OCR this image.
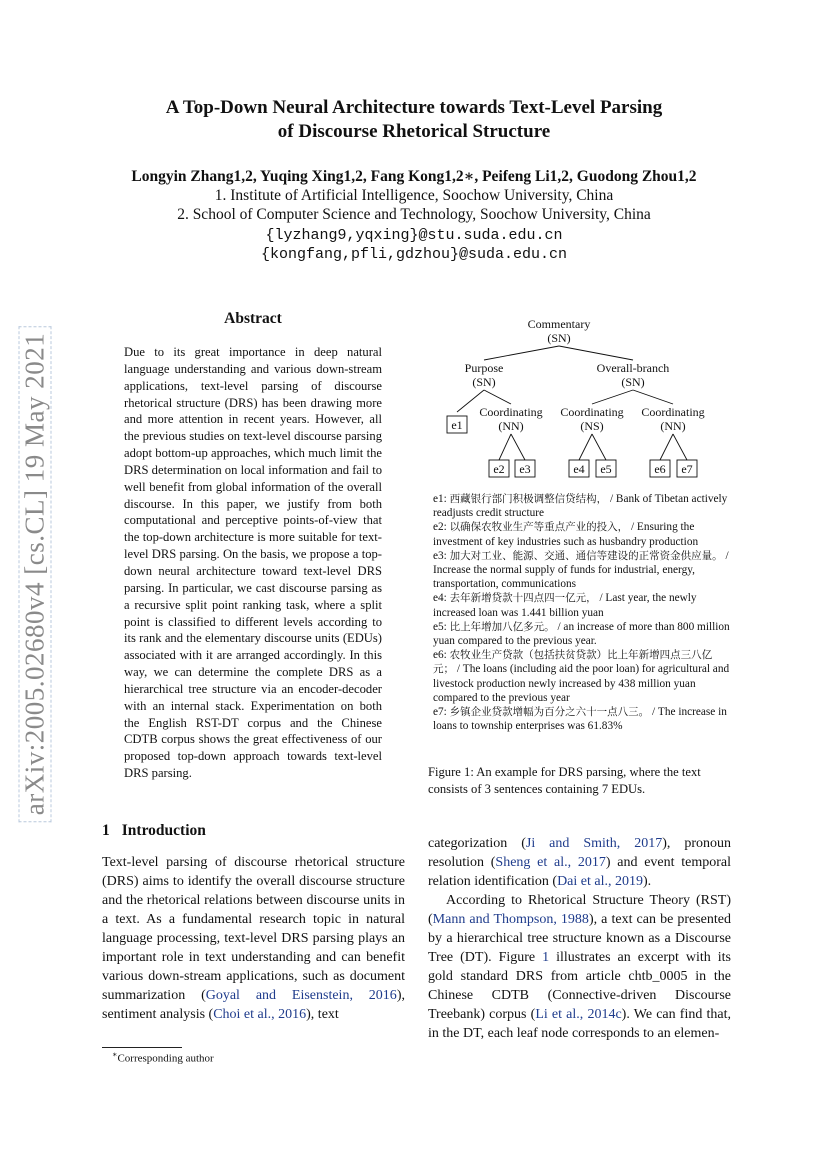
A Top-Down Neural Architecture towards Text-Level Parsing
of Discourse Rhetorical Structure
Longyin Zhang1,2, Yuqing Xing1,2, Fang Kong1,2∗, Peifeng Li1,2, Guodong Zhou1,2
1. Institute of Artificial Intelligence, Soochow University, China
2. School of Computer Science and Technology, Soochow University, China
{lyzhang9,yqxing}@stu.suda.edu.cn
{kongfang,pfli,gdzhou}@suda.edu.cn
arXiv:2005.02680v4 [cs.CL] 19 May 2021
Abstract
Due to its great importance in deep natural language understanding and various down-stream applications, text-level parsing of discourse rhetorical structure (DRS) has been drawing more and more attention in recent years. However, all the previous studies on text-level discourse parsing adopt bottom-up approaches, which much limit the DRS determination on local information and fail to well benefit from global information of the overall discourse. In this paper, we justify from both computational and perceptive points-of-view that the top-down architecture is more suitable for text-level DRS parsing. On the basis, we propose a top-down neural architecture toward text-level DRS parsing. In particular, we cast discourse parsing as a recursive split point ranking task, where a split point is classified to different levels according to its rank and the elementary discourse units (EDUs) associated with it are arranged accordingly. In this way, we can determine the complete DRS as a hierarchical tree structure via an encoder-decoder with an internal stack. Experimentation on both the English RST-DT corpus and the Chinese CDTB corpus shows the great effectiveness of our proposed top-down approach towards text-level DRS parsing.
Commentary
(SN)
Purpose
(SN)
Overall-branch
(SN)
Coordinating
(NN)
Coordinating
(NS)
Coordinating
(NN)
e1
e2 e3	e4 e5	e6 e7

e1: 西藏银行部门积极调整信贷结构， / Bank of Tibetan actively readjusts credit structure

e2: 以确保农牧业生产等重点产业的投入， / Ensuring the investment of key industries such as husbandry production

e3: 加大对工业、能源、交通、通信等建设的正常资金供应量。 / Increase the normal supply of funds for industrial, energy, transportation, communications

e4: 去年新增贷款十四点四一亿元， / Last year, the newly increased loan was 1.441 billion yuan

e5: 比上年增加八亿多元。 / an increase of more than 800 million yuan compared to the previous year.

e6: 农牧业生产贷款（包括扶贫贷款）比上年新增四点三八亿元； / The loans (including aid the poor loan) for agricultural and livestock production newly increased by 438 million yuan compared to the previous year

e7: 乡镇企业贷款增幅为百分之六十一点八三。 / The increase in loans to township enterprises was 61.83%

Figure 1: An example for DRS parsing, where the text consists of 3 sentences containing 7 EDUs.
1 Introduction

Text-level parsing of discourse rhetorical structure (DRS) aims to identify the overall discourse structure and the rhetorical relations between discourse units in a text. As a fundamental research topic in natural language processing, text-level DRS parsing plays an important role in text understanding and can benefit various down-stream applications, such as document summarization (Goyal and Eisenstein, 2016), sentiment analysis (Choi et al., 2016), text

categorization (Ji and Smith, 2017), pronoun resolution (Sheng et al., 2017) and event temporal relation identification (Dai et al., 2019).

According to Rhetorical Structure Theory (RST) (Mann and Thompson, 1988), a text can be presented by a hierarchical tree structure known as a Discourse Tree (DT). Figure 1 illustrates an excerpt with its gold standard DRS from article chtb_0005 in the Chinese CDTB (Connective-driven Discourse Treebank) corpus (Li et al., 2014c). We can find that, in the DT, each leaf node corresponds to an elemen-

∗Corresponding author
